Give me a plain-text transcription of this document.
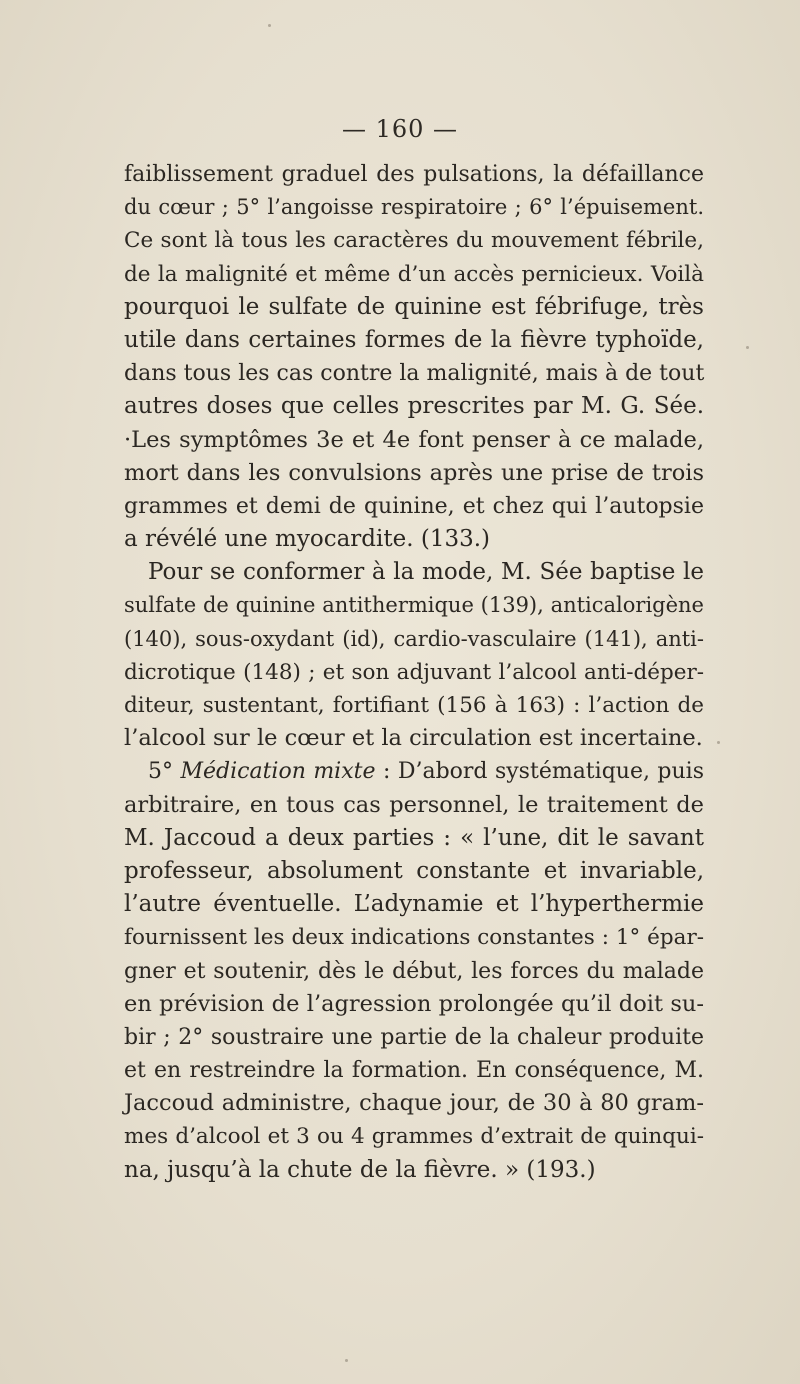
— 160 —
faiblissement graduel des pulsations, la défaillance
du cœur ; 5° l’angoisse respiratoire ; 6° l’épuisement.
Ce sont là tous les caractères du mouvement fébrile,
de la malignité et même d’un accès pernicieux. Voilà
pourquoi le sulfate de quinine est fébrifuge, très
utile dans certaines formes de la fièvre typhoïde,
dans tous les cas contre la malignité, mais à de tout
autres doses que celles prescrites par M. G. Sée.
·Les symptômes 3e et 4e font penser à ce malade,
mort dans les convulsions après une prise de trois
grammes et demi de quinine, et chez qui l’autopsie
a révélé une myocardite. (133.)
Pour se conformer à la mode, M. Sée baptise le
sulfate de quinine antithermique (139), anticalorigène
(140), sous-oxydant (id), cardio-vasculaire (141), anti-
dicrotique (148) ; et son adjuvant l’alcool anti-déper-
diteur, sustentant, fortifiant (156 à 163) : l’action de
l’alcool sur le cœur et la circulation est incertaine.
5° Médication mixte : D’abord systématique, puis
arbitraire, en tous cas personnel, le traitement de
M. Jaccoud a deux parties : « l’une, dit le savant
professeur, absolument constante et invariable,
l’autre éventuelle. L’adynamie et l’hyperthermie
fournissent les deux indications constantes : 1° épar-
gner et soutenir, dès le début, les forces du malade
en prévision de l’agression prolongée qu’il doit su-
bir ; 2° soustraire une partie de la chaleur produite
et en restreindre la formation. En conséquence, M.
Jaccoud administre, chaque jour, de 30 à 80 gram-
mes d’alcool et 3 ou 4 grammes d’extrait de quinqui-
na, jusqu’à la chute de la fièvre. » (193.)
